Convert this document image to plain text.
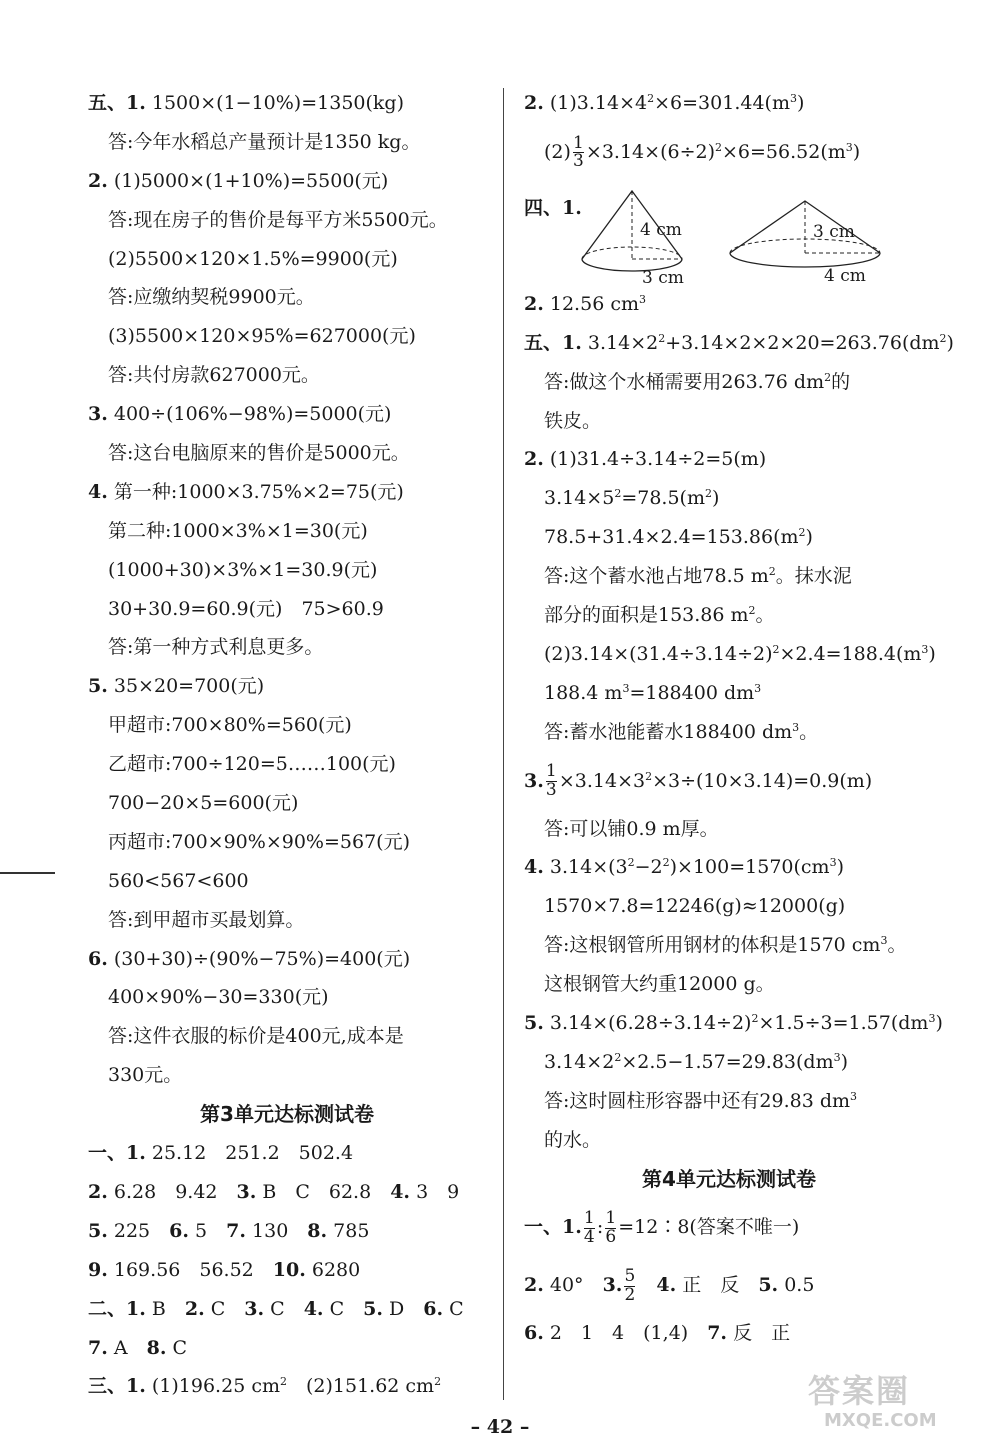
五、1. 1500×(1−10%)=1350(kg)
答:今年水稻总产量预计是1350 kg。
2. (1)5000×(1+10%)=5500(元)
答:现在房子的售价是每平方米5500元。
(2)5500×120×1.5%=9900(元)
答:应缴纳契税9900元。
(3)5500×120×95%=627000(元)
答:共付房款627000元。
3. 400÷(106%−98%)=5000(元)
答:这台电脑原来的售价是5000元。
4. 第一种:1000×3.75%×2=75(元)
第二种:1000×3%×1=30(元)
(1000+30)×3%×1=30.9(元)
30+30.9=60.9(元)　75>60.9
答:第一种方式利息更多。
5. 35×20=700(元)
甲超市:700×80%=560(元)
乙超市:700÷120=5……100(元)
700−20×5=600(元)
丙超市:700×90%×90%=567(元)
560<567<600
答:到甲超市买最划算。
6. (30+30)÷(90%−75%)=400(元)
400×90%−30=330(元)
答:这件衣服的标价是400元,成本是
330元。
第3单元达标测试卷
一、1. 25.12　251.2　502.4
2. 6.28　9.42　3. B　C　62.8　4. 3　9
5. 225　6. 5　7. 130　8. 785
9. 169.56　56.52　10. 6280
二、1. B　2. C　3. C　4. C　5. D　6. C
7. A　8. C
三、1. (1)196.25 $cm^2$　(2)151.62 $cm^2$
2. $(1)3.14\times 4^2\times 6=301.44(m^3)$
$(2) \frac{1}{3} \times 3.14\times(6\div 2)^2\times 6=56.52(m^3)$
四、1.
4 cm
3 cm
3 cm
4 cm
2. 12.56 $cm^3$
五、1. $3.14\times 2^2+3.14\times 2\times 2\times 20=263.76(dm^2)$
答:做这个水桶需要用263.76 $dm^2$的
铁皮。
2. (1)31.4÷3.14÷2=5(m)
$3.14\times 5^2=78.5(m^2)$
$78.5+31.4\times 2.4=153.86(m^2)$
答:这个蓄水池占地78.5 $m^2$。抹水泥
部分的面积是153.86 $m^2$。
$(2)3.14\times(31.4\div 3.14\div 2)^2\times 2.4=188.4(m^3)$
188.4 $m^3=188400$ $dm^3$
答:蓄水池能蓄水188400 $dm^3$。
3. $\frac{1}{3} \times 3.14\times 3^2\times 3\div(10\times 3.14)=0.9(m)$
答:可以铺0.9 m厚。
4. $3.14\times(3^2-2^2)\times 100=1570(cm^3)$
1570×7.8=12246(g)≈12000(g)
答:这根钢管所用钢材的体积是1570 $cm^3$。
这根钢管大约重12000 g。
5. $3.14\times(6.28\div 3.14\div 2)^2\times 1.5\div 3=1.57(dm^3)$
$3.14\times 2^2\times 2.5-1.57=29.83(dm^3)$
答:这时圆柱形容器中还有29.83 $dm^3$
的水。
第4单元达标测试卷
一、1. $\frac{1}{4}$ : $\frac{1}{6}$ =12∶8(答案不唯一)
2. 40°　3. $\frac{5}{2}$
　 4. 正　反　5. 0.5
6. 2　1　4　(1,4)　7. 反　正
答案圈
MXQE.COM
– 42 –
